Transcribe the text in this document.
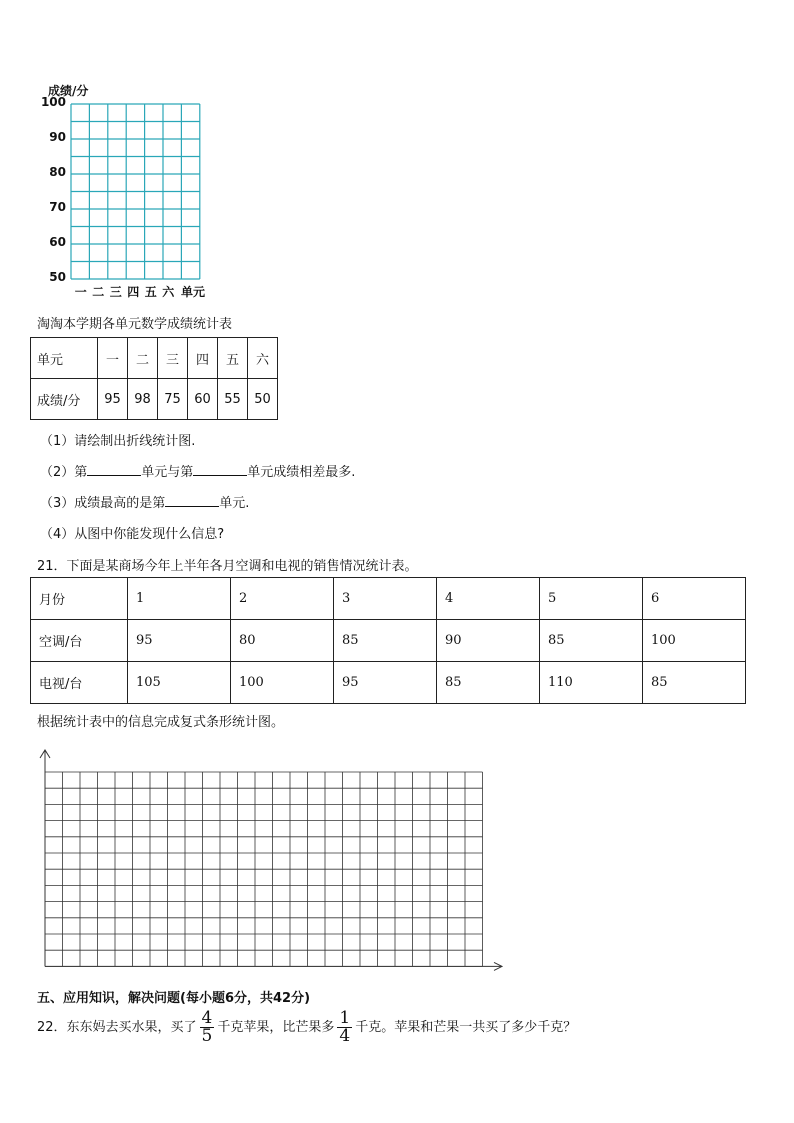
成绩/分
100
90
80
70
60
50
一 二 三 四 五 六 单元
淘淘本学期各单元数学成绩统计表
单元	一	二	三	四	五	六
成绩/分	95	98	75	60	55	50
（1）请绘制出折线统计图.
（2）第	单元与第	单元成绩相差最多.
（3）成绩最高的是第	单元.
（4）从图中你能发现什么信息?
21．下面是某商场今年上半年各月空调和电视的销售情况统计表。
月份	1	2	3	4	5	6
空调/台	95	80	85	90	85	100
电视/台	105	100	95	85	110	85
根据统计表中的信息完成复式条形统计图。
五、应用知识，解决问题(每小题6分，共42分)
22．东东妈去买水果，买了 $\frac{4}{5}$ 千克苹果，比芒果多 $\frac{1}{4}$ 千克。苹果和芒果一共买了多少千克？
